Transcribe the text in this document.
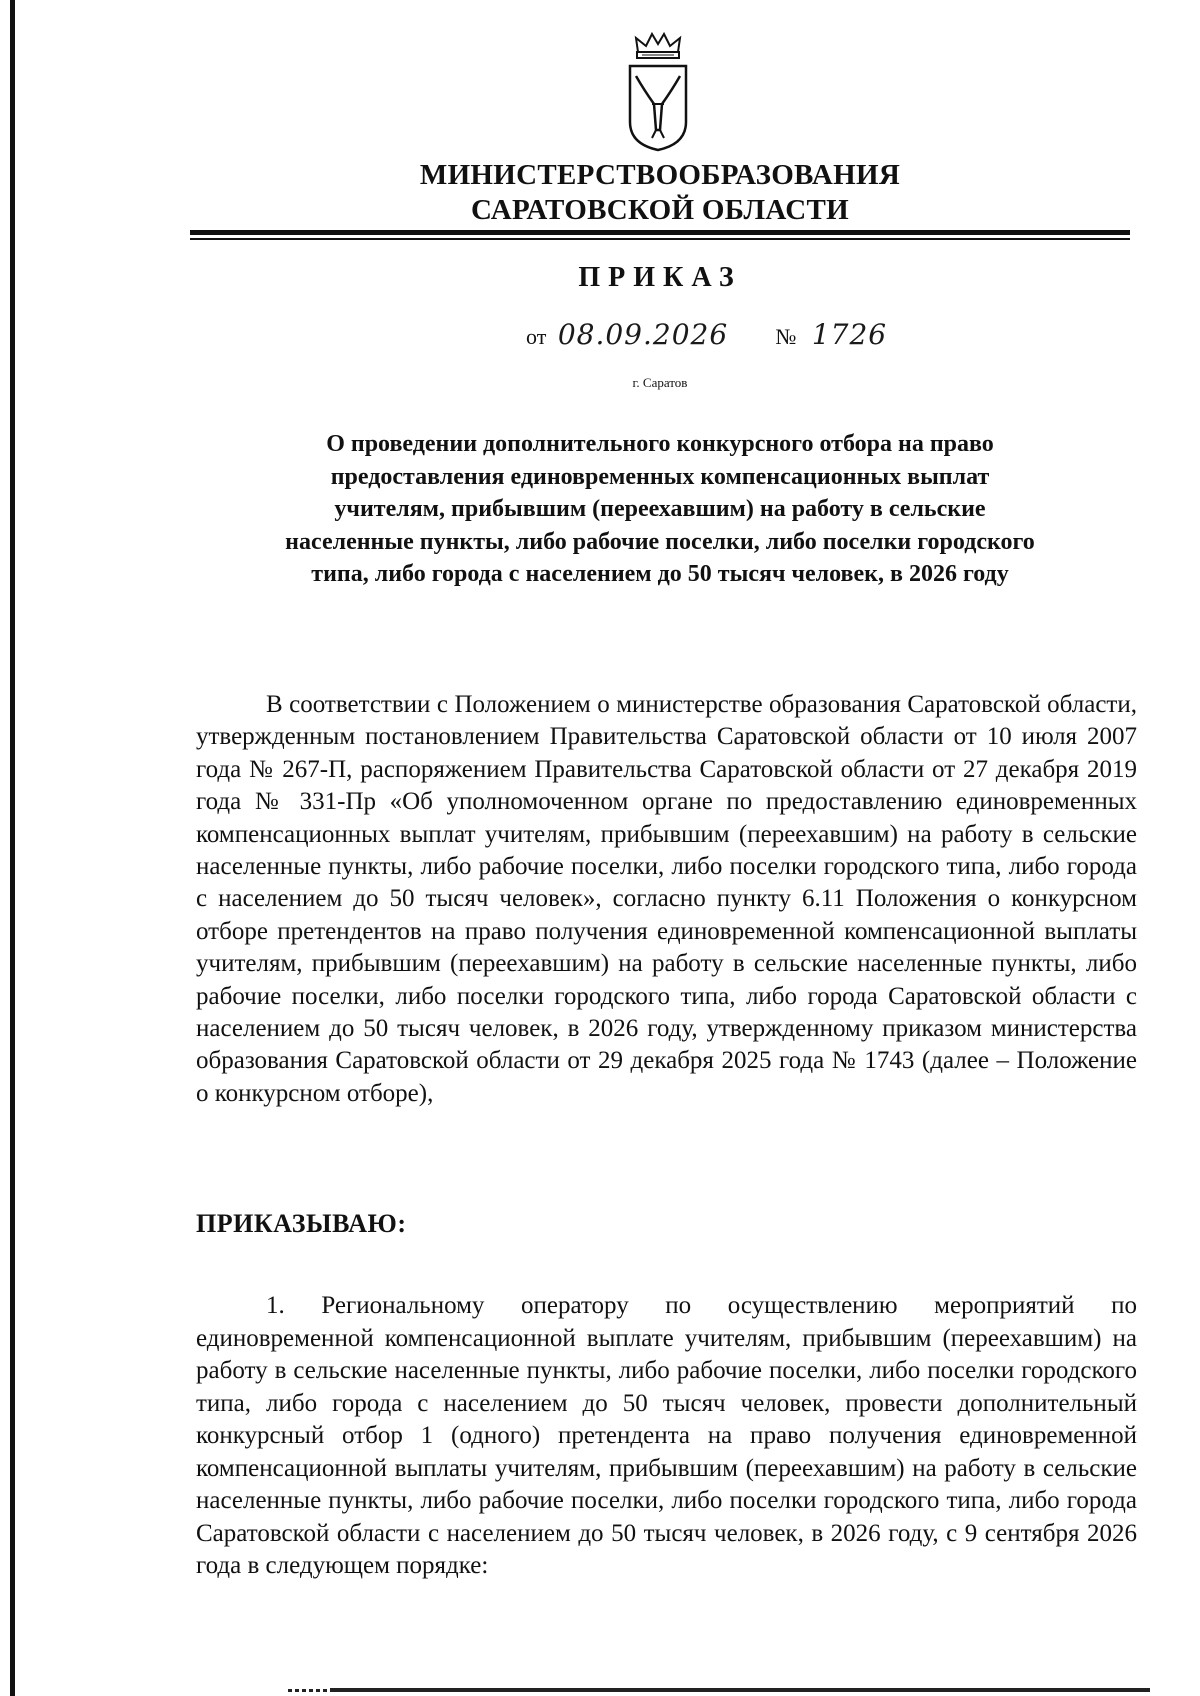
МИНИСТЕРСТВООБРАЗОВАНИЯ
САРАТОВСКОЙ ОБЛАСТИ
ПРИКАЗ
от 08.09.2026 № 1726
г. Саратов
О проведении дополнительного конкурсного отбора на право предоставления единовременных компенсационных выплат учителям, прибывшим (переехавшим) на работу в сельские населенные пункты, либо рабочие поселки, либо поселки городского типа, либо города с населением до 50 тысяч человек, в 2026 году

В соответствии с Положением о министерстве образования Саратовской области, утвержденным постановлением Правительства Саратовской области от 10 июля 2007 года № 267-П, распоряжением Правительства Саратовской области от 27 декабря 2019 года № 331-Пр «Об уполномоченном органе по предоставлению единовременных компенсационных выплат учителям, прибывшим (переехавшим) на работу в сельские населенные пункты, либо рабочие поселки, либо поселки городского типа, либо города с населением до 50 тысяч человек», согласно пункту 6.11 Положения о конкурсном отборе претендентов на право получения единовременной компенсационной выплаты учителям, прибывшим (переехавшим) на работу в сельские населенные пункты, либо рабочие поселки, либо поселки городского типа, либо города Саратовской области с населением до 50 тысяч человек, в 2026 году, утвержденному приказом министерства образования Саратовской области от 29 декабря 2025 года № 1743 (далее – Положение о конкурсном отборе),

ПРИКАЗЫВАЮ:

1. Региональному оператору по осуществлению мероприятий по единовременной компенсационной выплате учителям, прибывшим (переехавшим) на работу в сельские населенные пункты, либо рабочие поселки, либо поселки городского типа, либо города с населением до 50 тысяч человек, провести дополнительный конкурсный отбор 1 (одного) претендента на право получения единовременной компенсационной выплаты учителям, прибывшим (переехавшим) на работу в сельские населенные пункты, либо рабочие поселки, либо поселки городского типа, либо города Саратовской области с населением до 50 тысяч человек, в 2026 году, с 9 сентября 2026 года в следующем порядке:
